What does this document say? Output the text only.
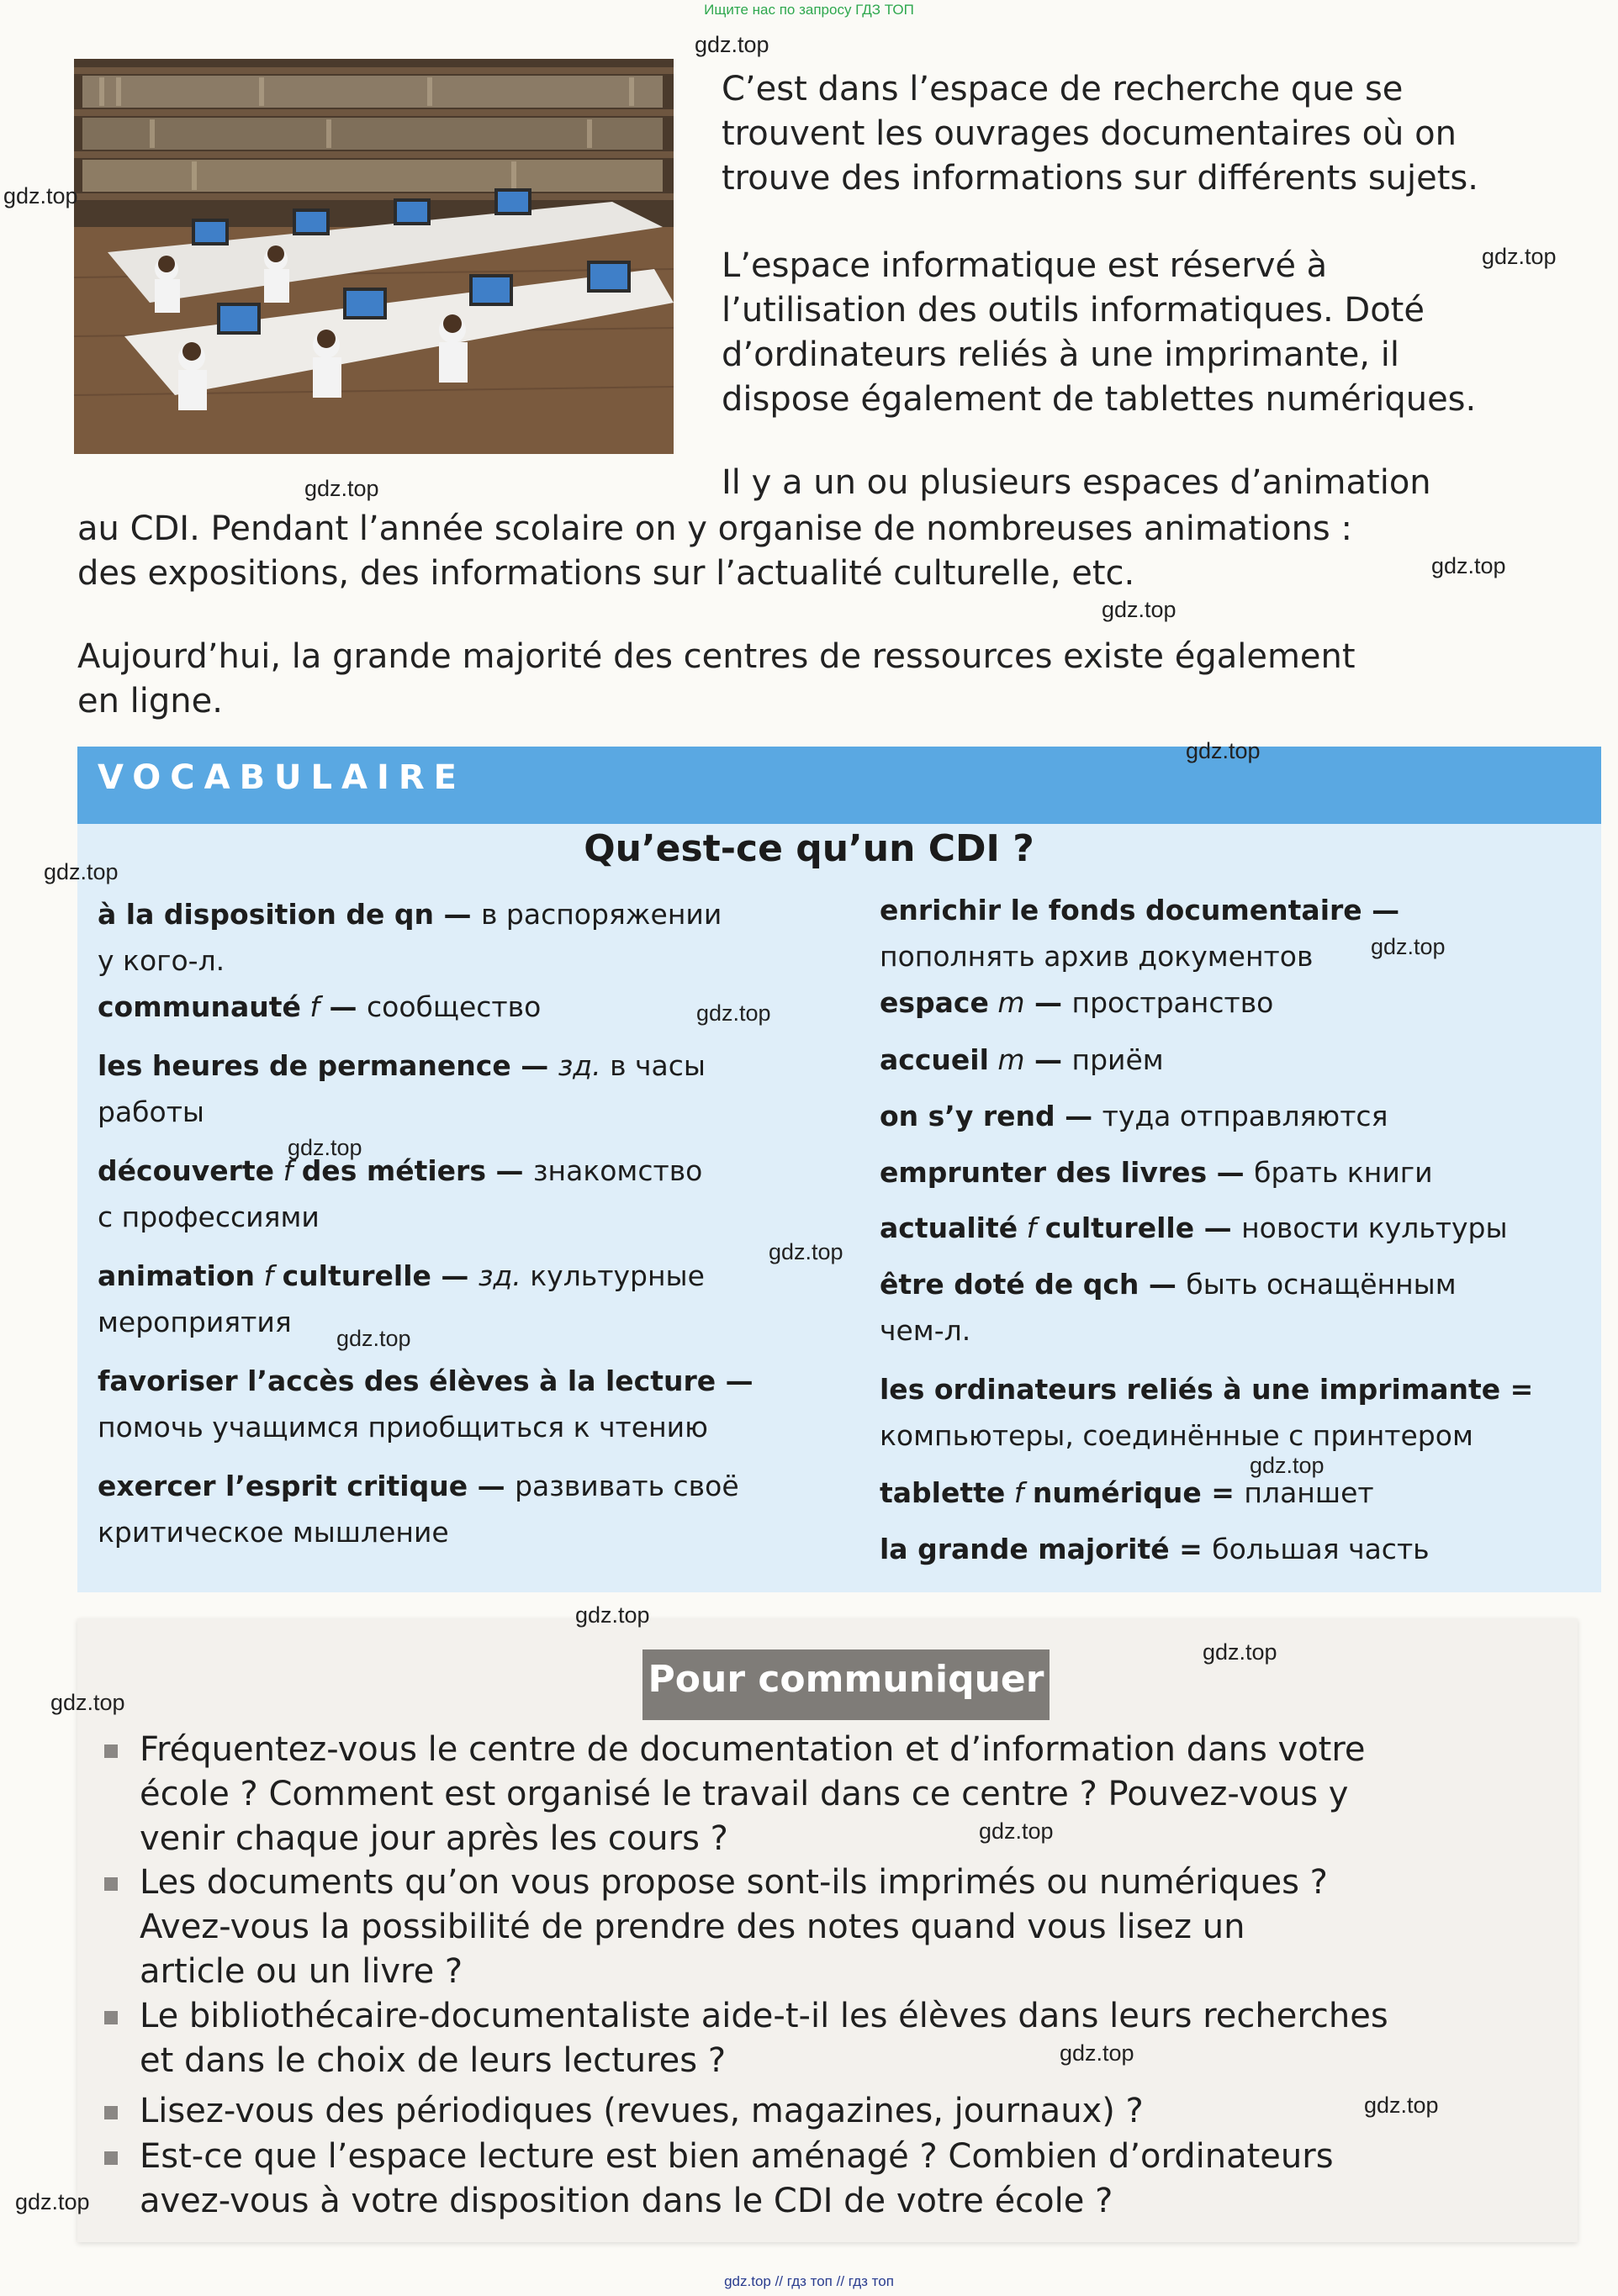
Ищите нас по запросу ГДЗ ТОП
C’est dans l’espace de recherche que se
trouvent les ouvrages documentaires où on
trouve des informations sur différents sujets.
L’espace informatique est réservé à
l’utilisation des outils informatiques. Doté
d’ordinateurs reliés à une imprimante, il
dispose également de tablettes numériques.
Il y a un ou plusieurs espaces d’animation
au CDI. Pendant l’année scolaire on y organise de nombreuses animations :
des expositions, des informations sur l’actualité culturelle, etc.
Aujourd’hui, la grande majorité des centres de ressources existe également
en ligne.
VOCABULAIRE
Qu’est-ce qu’un CDI ?
à la disposition de qn — в распоряжении
у кого-л.
communauté f — сообщество
les heures de permanence — зд. в часы
работы
découverte f des métiers — знакомство
с профессиями
animation f culturelle — зд. культурные
мероприятия
favoriser l’accès des élèves à la lecture —
помочь учащимся приобщиться к чтению
exercer l’esprit critique — развивать своё
критическое мышление
enrichir le fonds documentaire —
пополнять архив документов
espace m — пространство
accueil m — приём
on s’y rend — туда отправляются
emprunter des livres — брать книги
actualité f culturelle — новости культуры
être doté de qch — быть оснащённым
чем-л.
les ordinateurs reliés à une imprimante =
компьютеры, соединённые с принтером
tablette f numérique = планшет
la grande majorité = большая часть
Pour communiquer
Fréquentez-vous le centre de documentation et d’information dans votre
école ? Comment est organisé le travail dans ce centre ? Pouvez-vous y
venir chaque jour après les cours ?
Les documents qu’on vous propose sont-ils imprimés ou numériques ?
Avez-vous la possibilité de prendre des notes quand vous lisez un
article ou un livre ?
Le bibliothécaire-documentaliste aide-t-il les élèves dans leurs recherches
et dans le choix de leurs lectures ?
Lisez-vous des périodiques (revues, magazines, journaux) ?
Est-ce que l’espace lecture est bien aménagé ? Combien d’ordinateurs
avez-vous à votre disposition dans le CDI de votre école ?
gdz.top
gdz.top
gdz.top
gdz.top
gdz.top
gdz.top
gdz.top
gdz.top
gdz.top
gdz.top
gdz.top
gdz.top
gdz.top
gdz.top
gdz.top
gdz.top
gdz.top
gdz.top
gdz.top
gdz.top
gdz.top
gdz.top // гдз топ // гдз топ
